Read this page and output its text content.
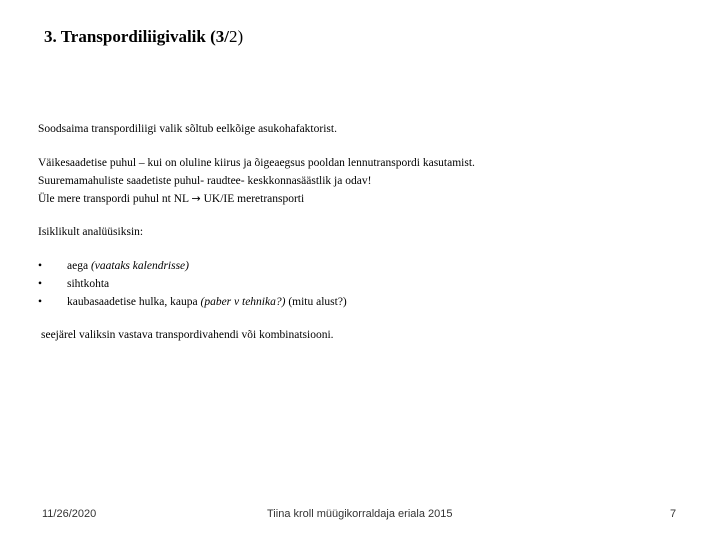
3. Transpordiliigivalik (3/2)
Soodsaima transpordiliigi valik sõltub eelkõige asukohafaktorist.
Väikesaadetise puhul – kui on oluline kiirus ja õigeaegsus pooldan lennutranspordi kasutamist.
Suuremamahuliste saadetiste puhul- raudtee- keskkonnasäästlik ja odav!
Üle mere transpordi puhul nt NL → UK/IE meretransporti
Isiklikult analüüsiksin:
•	aega (vaataks kalendrisse)
•	sihtkohta
•	kaubasaadetise hulka, kaupa (paber v tehnika?) (mitu alust?)
seejärel valiksin vastava transpordivahendi või kombinatsiooni.
11/26/2020	Tiina kroll müügikorraldaja eriala 2015	7
